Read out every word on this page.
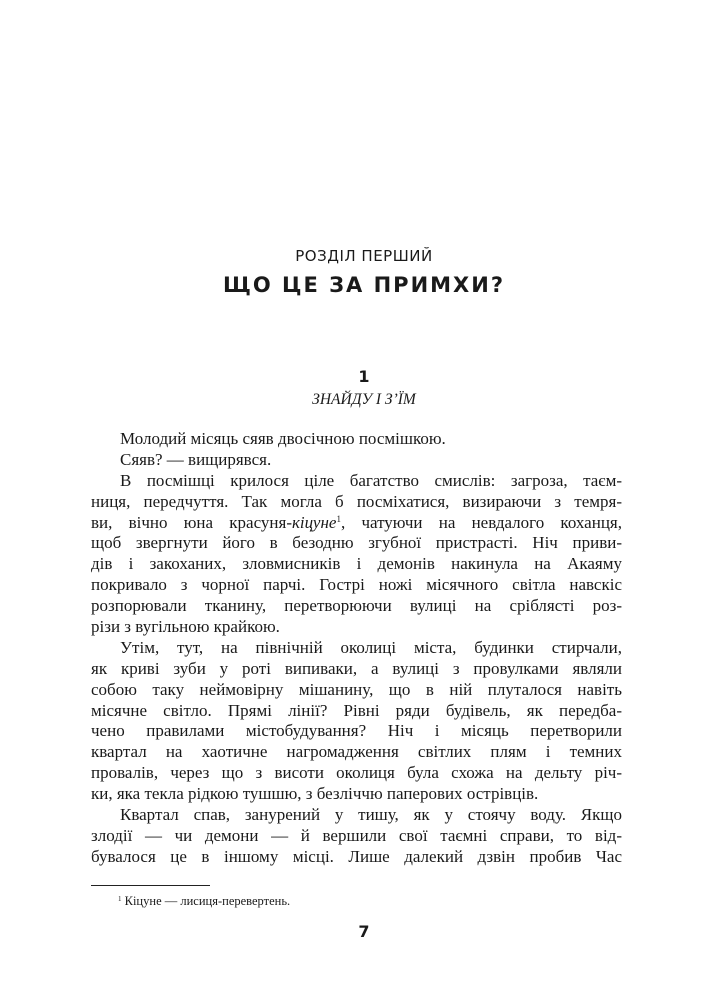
РОЗДІЛ ПЕРШИЙ
ЩО ЦЕ ЗА ПРИМХИ?
1
ЗНАЙДУ І З’ЇМ
Молодий місяць сяяв двосічною посмішкою.
Сяяв? — вищирявся.
В посмішці крилося ціле багатство смислів: загроза, таєм-
ниця, передчуття. Так могла б посміхатися, визираючи з темря-
ви, вічно юна красуня-кіцуне$^1$, чатуючи на невдалого коханця,
щоб звергнути його в безодню згубної пристрасті. Ніч приви-
дів і закоханих, зловмисників і демонів накинула на Акаяму
покривало з чорної парчі. Гострі ножі місячного світла навскіс
розпорювали тканину, перетворюючи вулиці на сріблясті роз-
різи з вугільною крайкою.
Утім, тут, на північній околиці міста, будинки стирчали,
як криві зуби у роті випиваки, а вулиці з провулками являли
собою таку неймовірну мішанину, що в ній плуталося навіть
місячне світло. Прямі лінії? Рівні ряди будівель, як передба-
чено правилами містобудування? Ніч і місяць перетворили
квартал на хаотичне нагромадження світлих плям і темних
провалів, через що з висоти околиця була схожа на дельту річ-
ки, яка текла рідкою тушшю, з безліччю паперових острівців.
Квартал спав, занурений у тишу, як у стоячу воду. Якщо
злодії — чи демони — й вершили свої таємні справи, то від-
бувалося це в іншому місці. Лише далекий дзвін пробив Час
$^1$ Кіцуне — лисиця-перевертень.
7
